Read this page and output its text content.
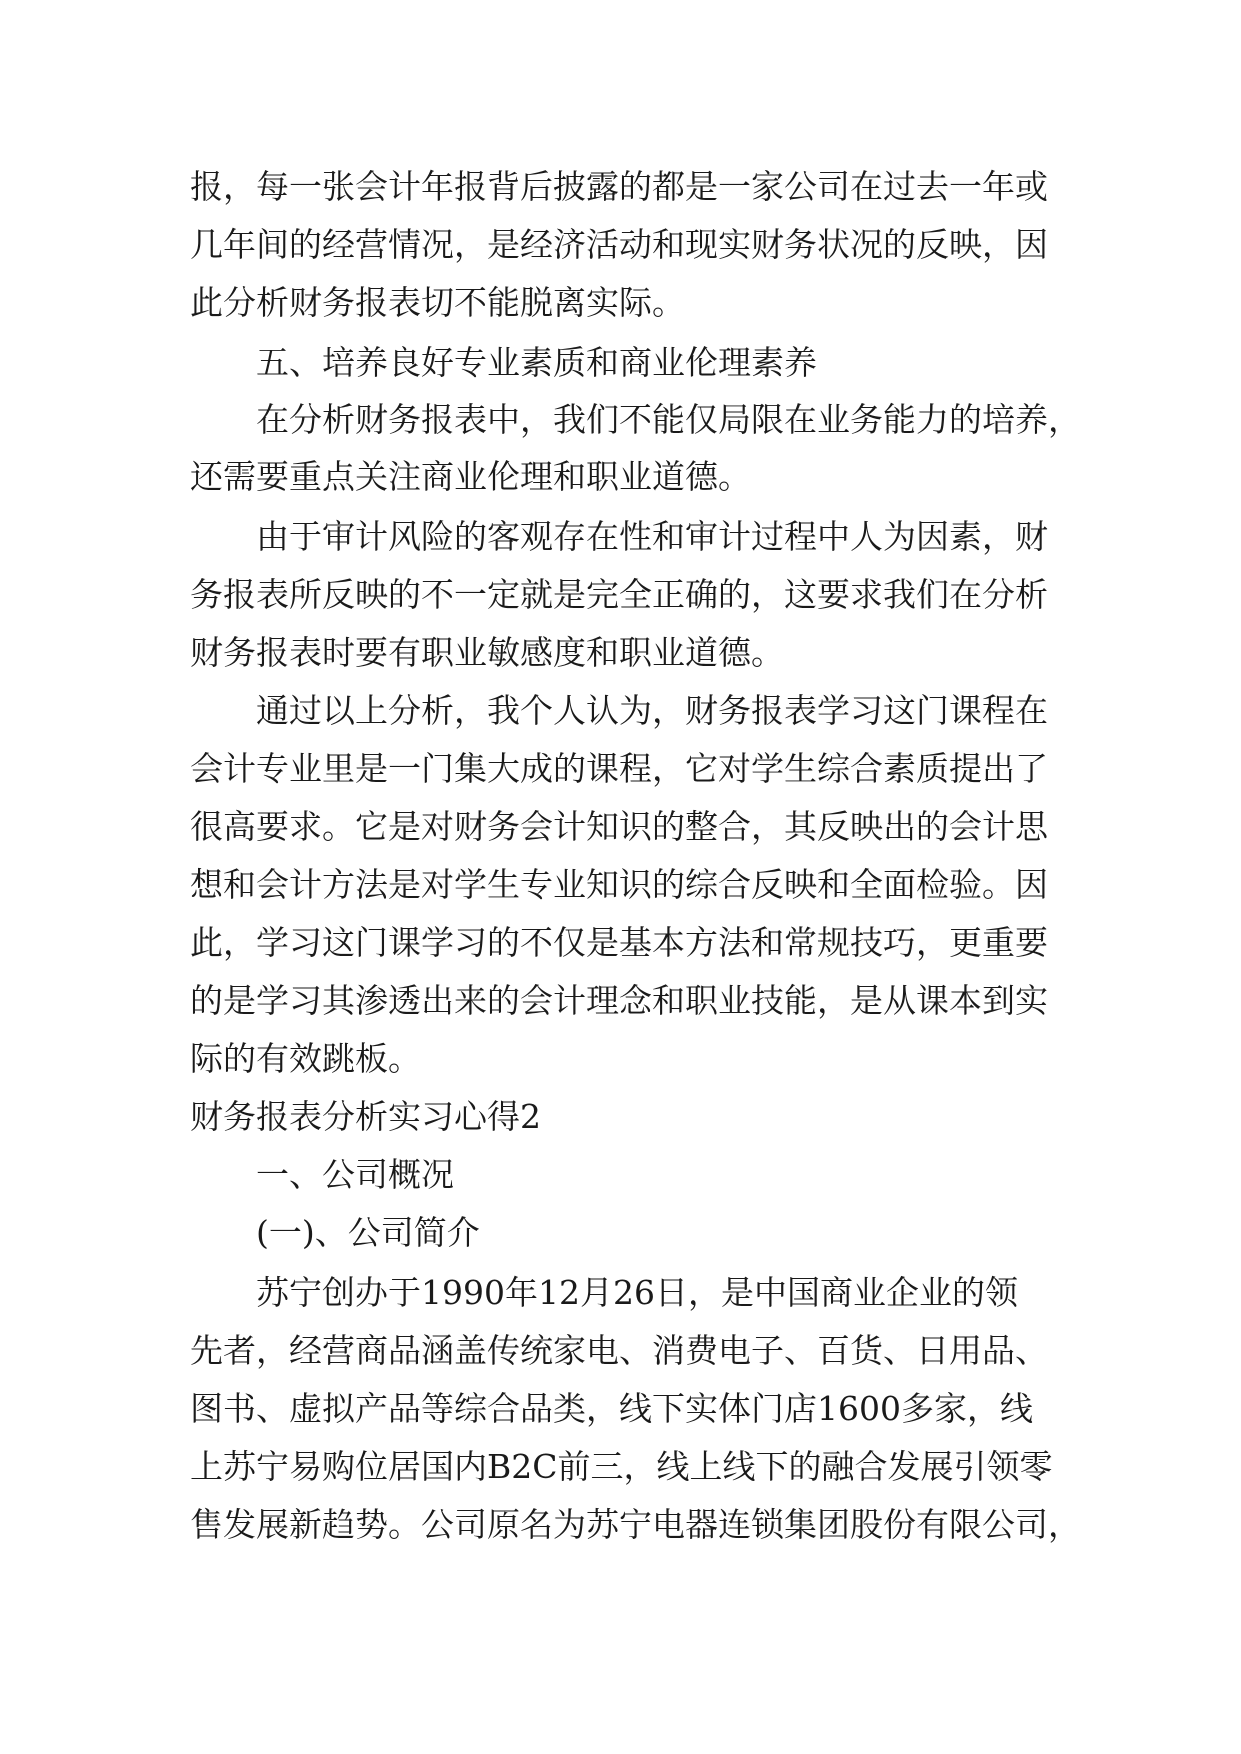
报，每一张会计年报背后披露的都是一家公司在过去一年或

几年间的经营情况，是经济活动和现实财务状况的反映，因

此分析财务报表切不能脱离实际。

五、培养良好专业素质和商业伦理素养

在分析财务报表中，我们不能仅局限在业务能力的培养，

还需要重点关注商业伦理和职业道德。

由于审计风险的客观存在性和审计过程中人为因素，财

务报表所反映的不一定就是完全正确的，这要求我们在分析

财务报表时要有职业敏感度和职业道德。

通过以上分析，我个人认为，财务报表学习这门课程在

会计专业里是一门集大成的课程，它对学生综合素质提出了

很高要求。它是对财务会计知识的整合，其反映出的会计思

想和会计方法是对学生专业知识的综合反映和全面检验。因

此，学习这门课学习的不仅是基本方法和常规技巧，更重要

的是学习其渗透出来的会计理念和职业技能，是从课本到实

际的有效跳板。

财务报表分析实习心得2

一、公司概况

(一)、公司简介

苏宁创办于1990年12月26日，是中国商业企业的领

先者，经营商品涵盖传统家电、消费电子、百货、日用品、

图书、虚拟产品等综合品类，线下实体门店1600多家，线

上苏宁易购位居国内B2C前三，线上线下的融合发展引领零

售发展新趋势。公司原名为苏宁电器连锁集团股份有限公司，
